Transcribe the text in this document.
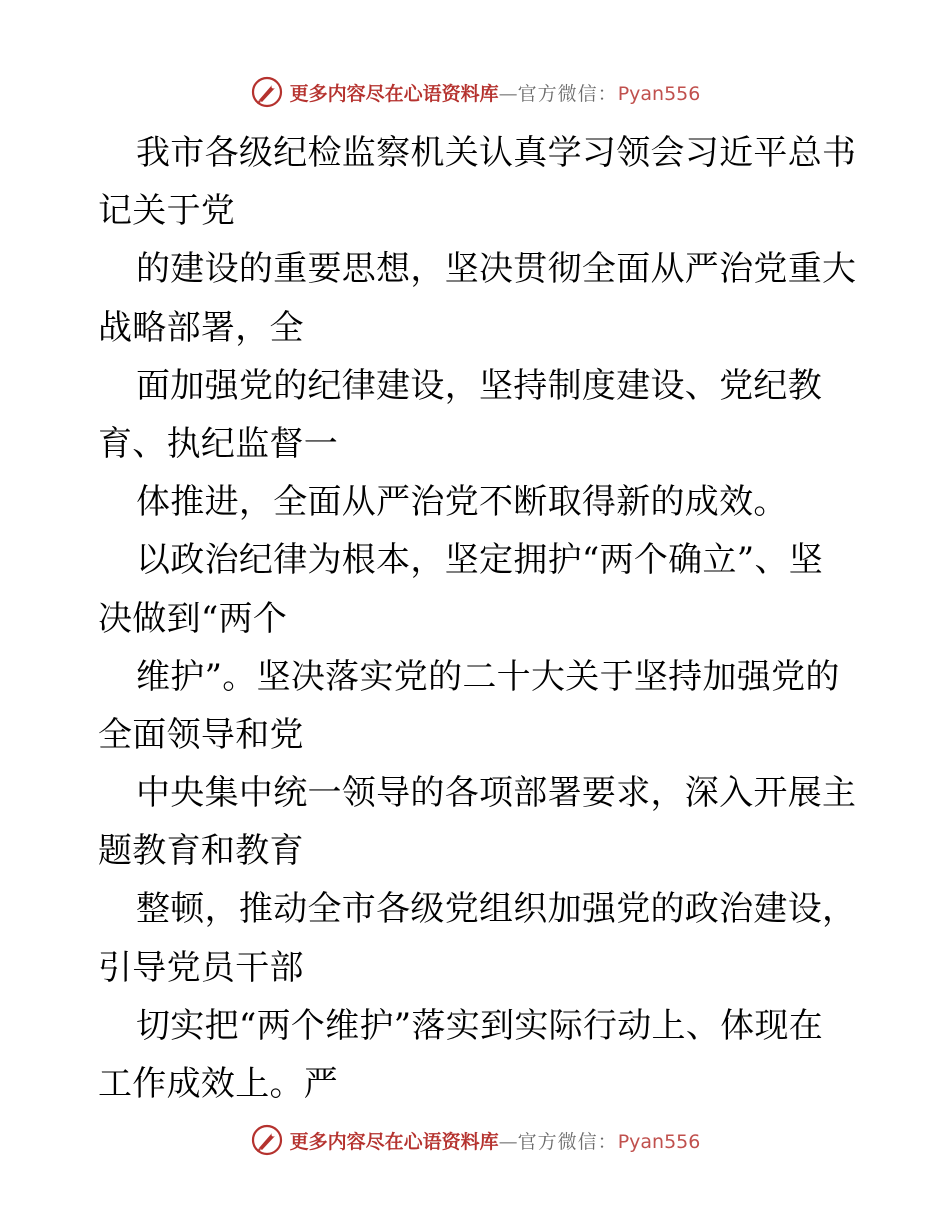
更多内容尽在心语资料库—官方微信：Pyan556
我市各级纪检监察机关认真学习领会习近平总书
记关于党
的建设的重要思想，坚决贯彻全面从严治党重大
战略部署，全
面加强党的纪律建设，坚持制度建设、党纪教
育、执纪监督一
体推进，全面从严治党不断取得新的成效。
以政治纪律为根本，坚定拥护“两个确立”、坚
决做到“两个
维护”。坚决落实党的二十大关于坚持加强党的
全面领导和党
中央集中统一领导的各项部署要求，深入开展主
题教育和教育
整顿，推动全市各级党组织加强党的政治建设，
引导党员干部
切实把“两个维护”落实到实际行动上、体现在
工作成效上。严
更多内容尽在心语资料库—官方微信：Pyan556
